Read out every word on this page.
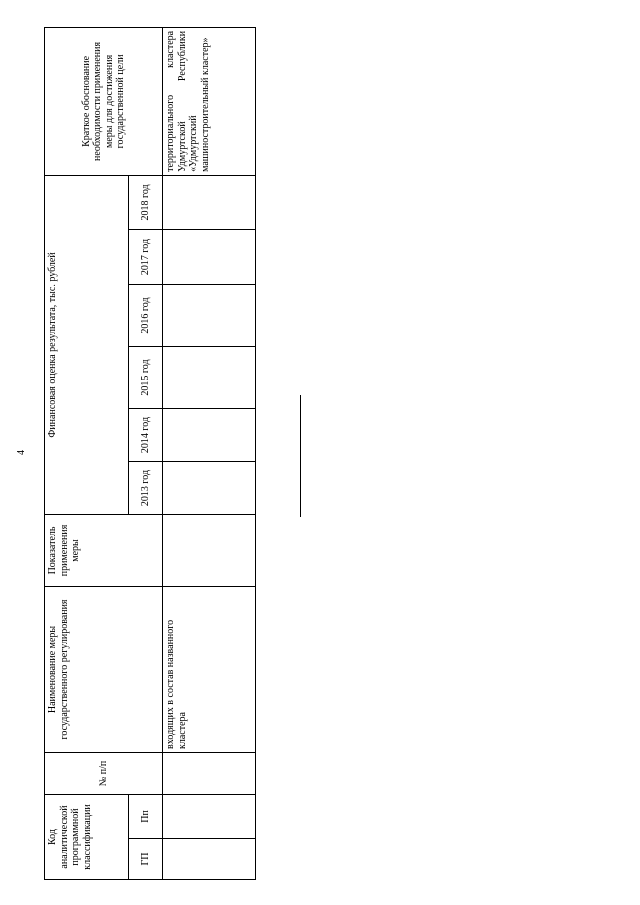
4
Код аналитической программной классификации		№ п/п	Наименование меры государственного регулирования	Показатель применения меры	Финансовая оценка результата, тыс. рублей						Краткое обоснование необходимости применения меры для достижения государственной цели
ГП	Пп				2013 год	2014 год	2015 год	2016 год	2017 год	2018 год	
			входящих в состав названного кластера								территориального кластера Удмуртской Республики «Удмуртский машиностроительный кластер»
